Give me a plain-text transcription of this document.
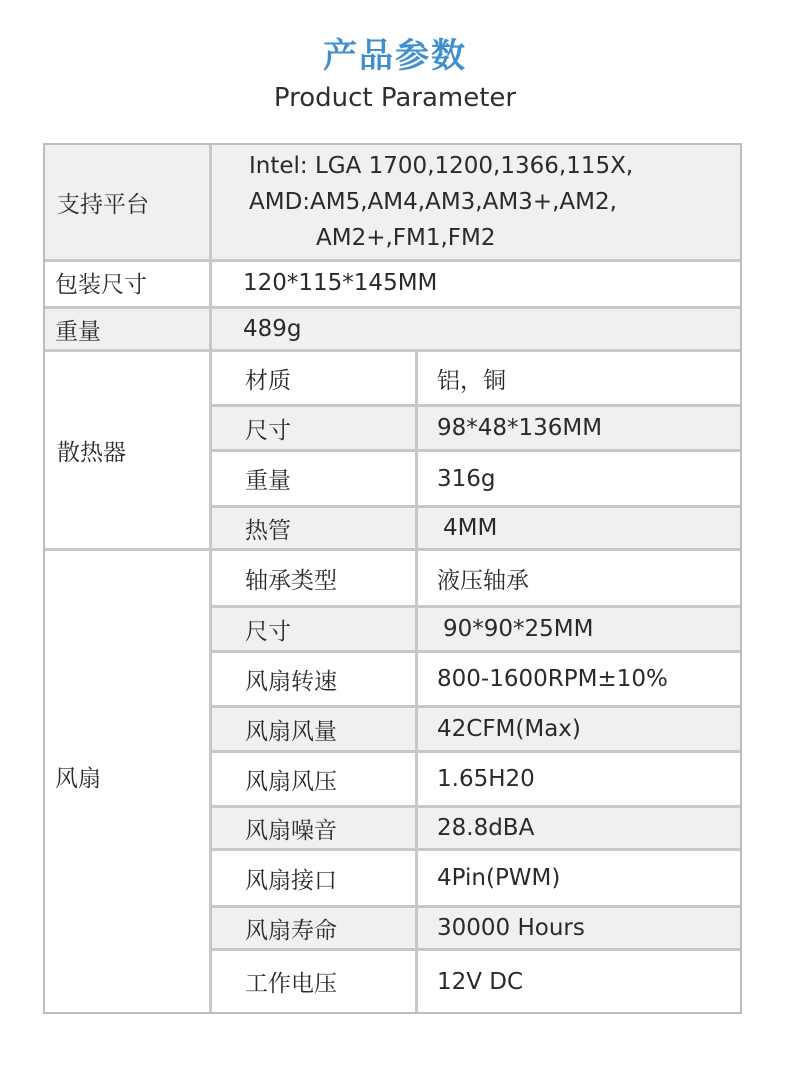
产品参数
Product Parameter
支持平台
Intel: LGA 1700,1200,1366,115X,
AMD:AM5,AM4,AM3,AM3+,AM2,
AM2+,FM1,FM2
包装尺寸	120*115*145MM
重量	489g
散热器
材质	铝，铜
尺寸	98*48*136MM
重量	316g
热管	4MM
风扇
轴承类型	液压轴承
尺寸	90*90*25MM
风扇转速	800-1600RPM±10%
风扇风量	42CFM(Max)
风扇风压	1.65H20
风扇噪音	28.8dBA
风扇接口	4Pin(PWM)
风扇寿命	30000 Hours
工作电压	12V DC
